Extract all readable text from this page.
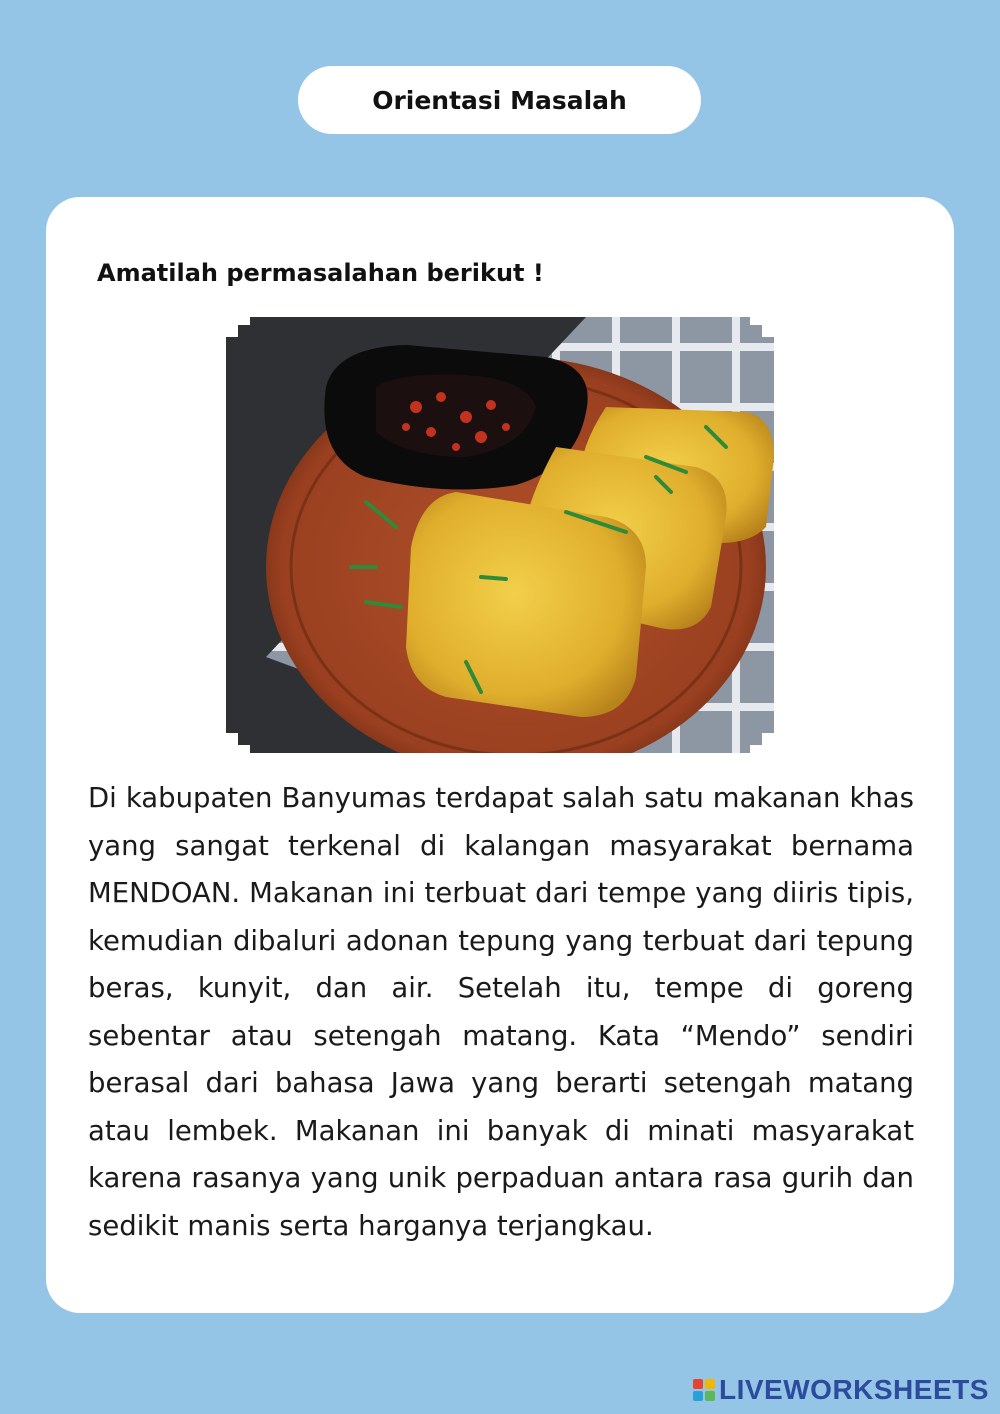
Orientasi Masalah
Amatilah permasalahan berikut !
Di kabupaten Banyumas terdapat salah satu makanan khas yang sangat terkenal di kalangan masyarakat bernama MENDOAN. Makanan ini terbuat dari tempe yang diiris tipis, kemudian dibaluri adonan tepung yang terbuat dari tepung beras, kunyit, dan air. Setelah itu, tempe di goreng sebentar atau setengah matang. Kata “Mendo” sendiri berasal dari bahasa Jawa yang berarti setengah matang atau lembek. Makanan ini banyak di minati masyarakat karena rasanya yang unik perpaduan antara rasa gurih dan sedikit manis serta harganya terjangkau.
LIVEWORKSHEETS
